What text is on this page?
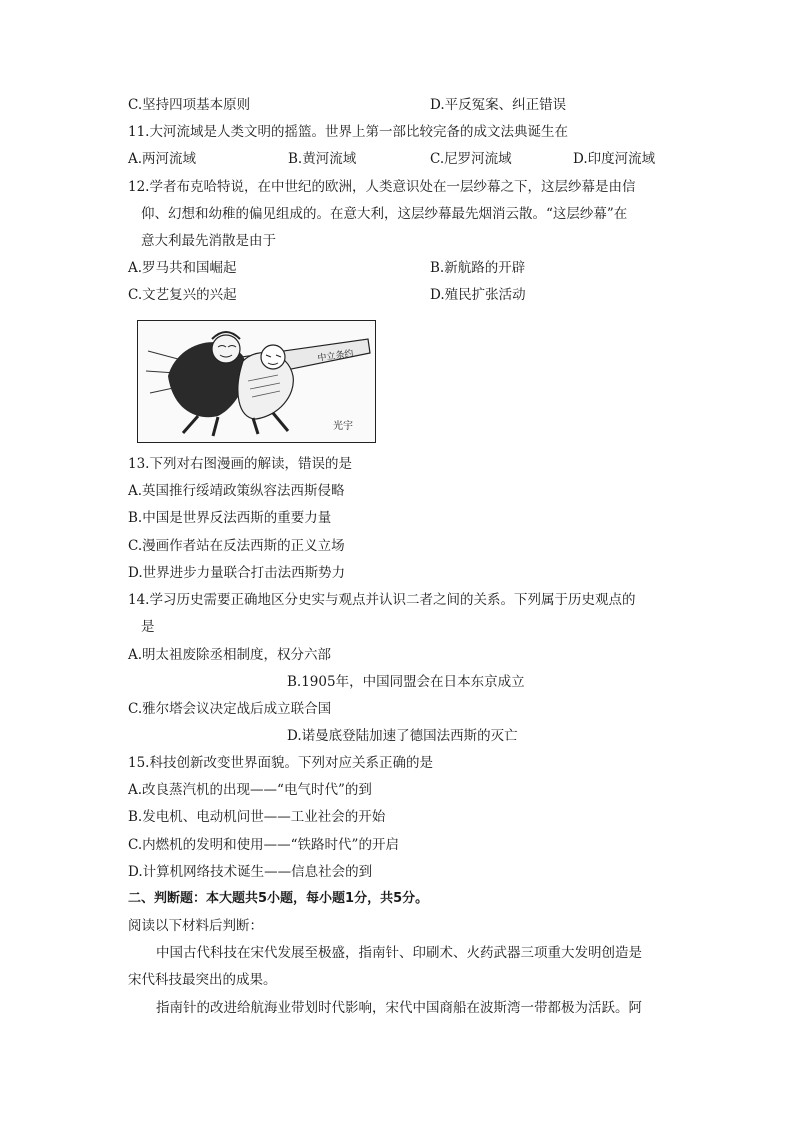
C.坚持四项基本原则	D.平反冤案、纠正错误
11.大河流域是人类文明的摇篮。世界上第一部比较完备的成文法典诞生在
A.两河流域	B.黄河流域	C.尼罗河流域	D.印度河流域
12.学者布克哈特说，在中世纪的欧洲，人类意识处在一层纱幕之下，这层纱幕是由信
仰、幻想和幼稚的偏见组成的。在意大利，这层纱幕最先烟消云散。“这层纱幕”在
意大利最先消散是由于
A.罗马共和国崛起	B.新航路的开辟
C.文艺复兴的兴起	D.殖民扩张活动
中立条约
光宇
13.下列对右图漫画的解读，错误的是
A.英国推行绥靖政策纵容法西斯侵略
B.中国是世界反法西斯的重要力量
C.漫画作者站在反法西斯的正义立场
D.世界进步力量联合打击法西斯势力
14.学习历史需要正确地区分史实与观点并认识二者之间的关系。下列属于历史观点的
是
A.明太祖废除丞相制度，权分六部
B.1905年，中国同盟会在日本东京成立
C.雅尔塔会议决定战后成立联合国
D.诺曼底登陆加速了德国法西斯的灭亡
15.科技创新改变世界面貌。下列对应关系正确的是
A.改良蒸汽机的出现——“电气时代”的到
B.发电机、电动机问世——工业社会的开始
C.内燃机的发明和使用——“铁路时代”的开启
D.计算机网络技术诞生——信息社会的到
二、判断题：本大题共5小题，每小题1分，共5分。
阅读以下材料后判断：
中国古代科技在宋代发展至极盛，指南针、印刷术、火药武器三项重大发明创造是
宋代科技最突出的成果。
指南针的改进给航海业带划时代影响，宋代中国商船在波斯湾一带都极为活跃。阿
